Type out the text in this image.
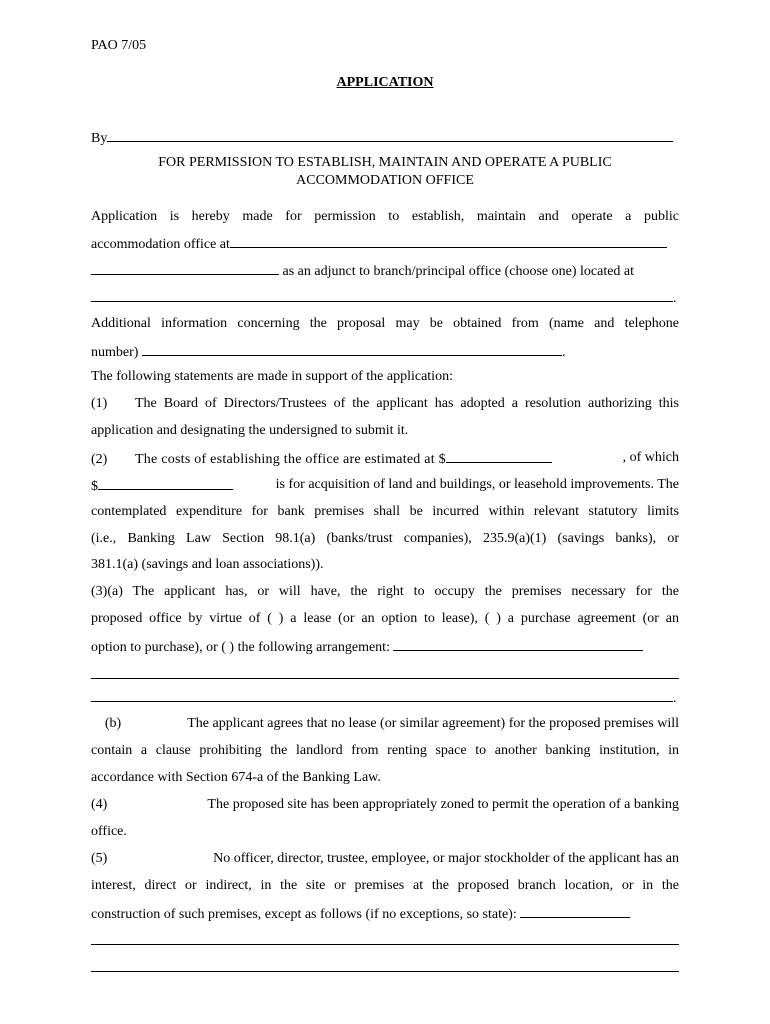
PAO 7/05
APPLICATION
By
FOR PERMISSION TO ESTABLISH, MAINTAIN AND OPERATE A PUBLIC
ACCOMMODATION OFFICE
Application is hereby made for permission to establish, maintain and operate a public
accommodation office at
as an adjunct to branch/principal office (choose one) located at
.
Additional information concerning the proposal may be obtained from (name and telephone
number)	.
The following statements are made in support of the application:
(1) The Board of Directors/Trustees of the applicant has adopted a resolution authorizing this
application and designating the undersigned to submit it.
(2) The costs of establishing the office are estimated at $	, of which
$	is for acquisition of land and buildings, or leasehold improvements. The
contemplated expenditure for bank premises shall be incurred within relevant statutory limits
(i.e., Banking Law Section 98.1(a) (banks/trust companies), 235.9(a)(1) (savings banks), or
381.1(a) (savings and loan associations)).
(3)(a) The applicant has, or will have, the right to occupy the premises necessary for the
proposed office by virtue of ( ) a lease (or an option to lease), ( ) a purchase agreement (or an
option to purchase), or ( ) the following arrangement:
.
(b)	The applicant agrees that no lease (or similar agreement) for the proposed premises will
contain a clause prohibiting the landlord from renting space to another banking institution, in
accordance with Section 674-a of the Banking Law.
(4)	The proposed site has been appropriately zoned to permit the operation of a banking
office.
(5)	No officer, director, trustee, employee, or major stockholder of the applicant has an
interest, direct or indirect, in the site or premises at the proposed branch location, or in the
construction of such premises, except as follows (if no exceptions, so state):
